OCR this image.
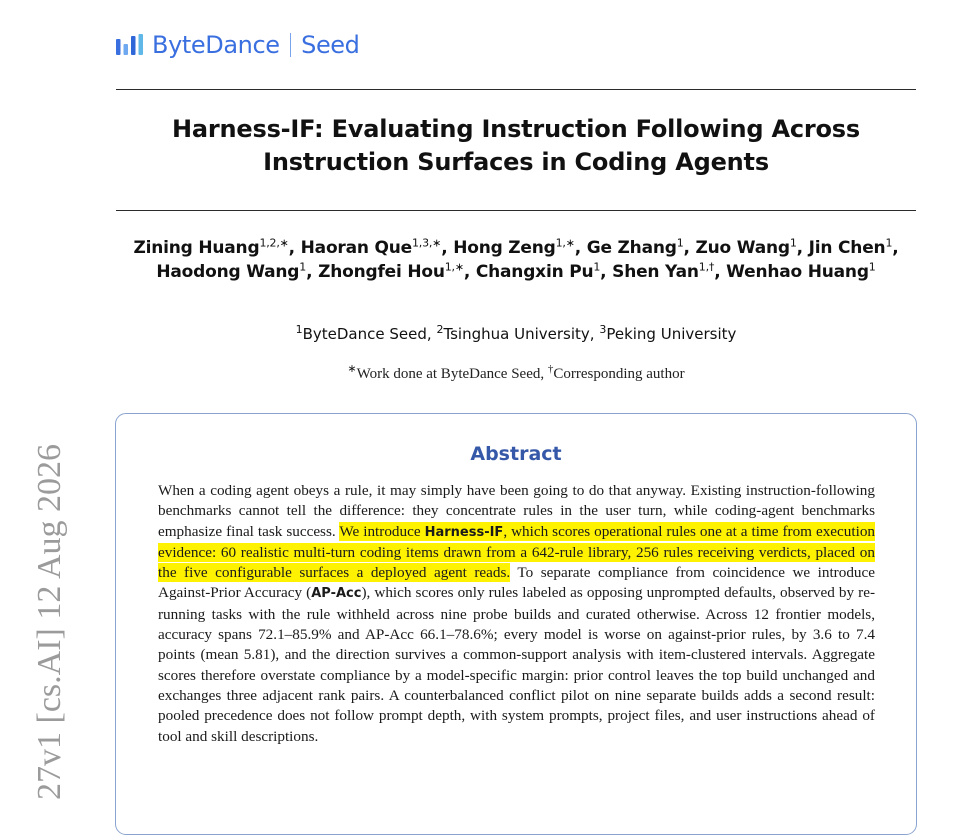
ByteDance Seed
Harness-IF: Evaluating Instruction Following Across
Instruction Surfaces in Coding Agents
Zining Huang$^{1,2,∗}$, Haoran Que$^{1,3,∗}$, Hong Zeng$^{1,∗}$, Ge Zhang$^1$, Zuo Wang$^1$, Jin Chen$^1$, Haodong Wang$^1$, Zhongfei Hou$^{1,∗}$, Changxin Pu$^1$, Shen Yan$^{1,\dagger}$, Wenhao Huang$^1$
$^1$ByteDance Seed, $^2$Tsinghua University, $^3$Peking University
∗Work done at ByteDance Seed, †Corresponding author
27v1 [cs.AI] 12 Aug 2026	Abstract

When a coding agent obeys a rule, it may simply have been going to do that anyway. Existing instruction-following benchmarks cannot tell the difference: they concentrate rules in the user turn, while coding-agent benchmarks emphasize final task success. We introduce Harness-IF, which scores operational rules one at a time from execution evidence: 60 realistic multi-turn coding items drawn from a 642-rule library, 256 rules receiving verdicts, placed on the five configurable surfaces a deployed agent reads. To separate compliance from coincidence we introduce Against-Prior Accuracy (AP-Acc), which scores only rules labeled as opposing unprompted defaults, observed by re-running tasks with the rule withheld across nine probe builds and curated otherwise. Across 12 frontier models, accuracy spans 72.1–85.9% and AP-Acc 66.1–78.6%; every model is worse on against-prior rules, by 3.6 to 7.4 points (mean 5.81), and the direction survives a common-support analysis with item-clustered intervals. Aggregate scores therefore overstate compliance by a model-specific margin: prior control leaves the top build unchanged and exchanges three adjacent rank pairs. A counterbalanced conflict pilot on nine separate builds adds a second result: pooled precedence does not follow prompt depth, with system prompts, project files, and user instructions ahead of tool and skill descriptions.
